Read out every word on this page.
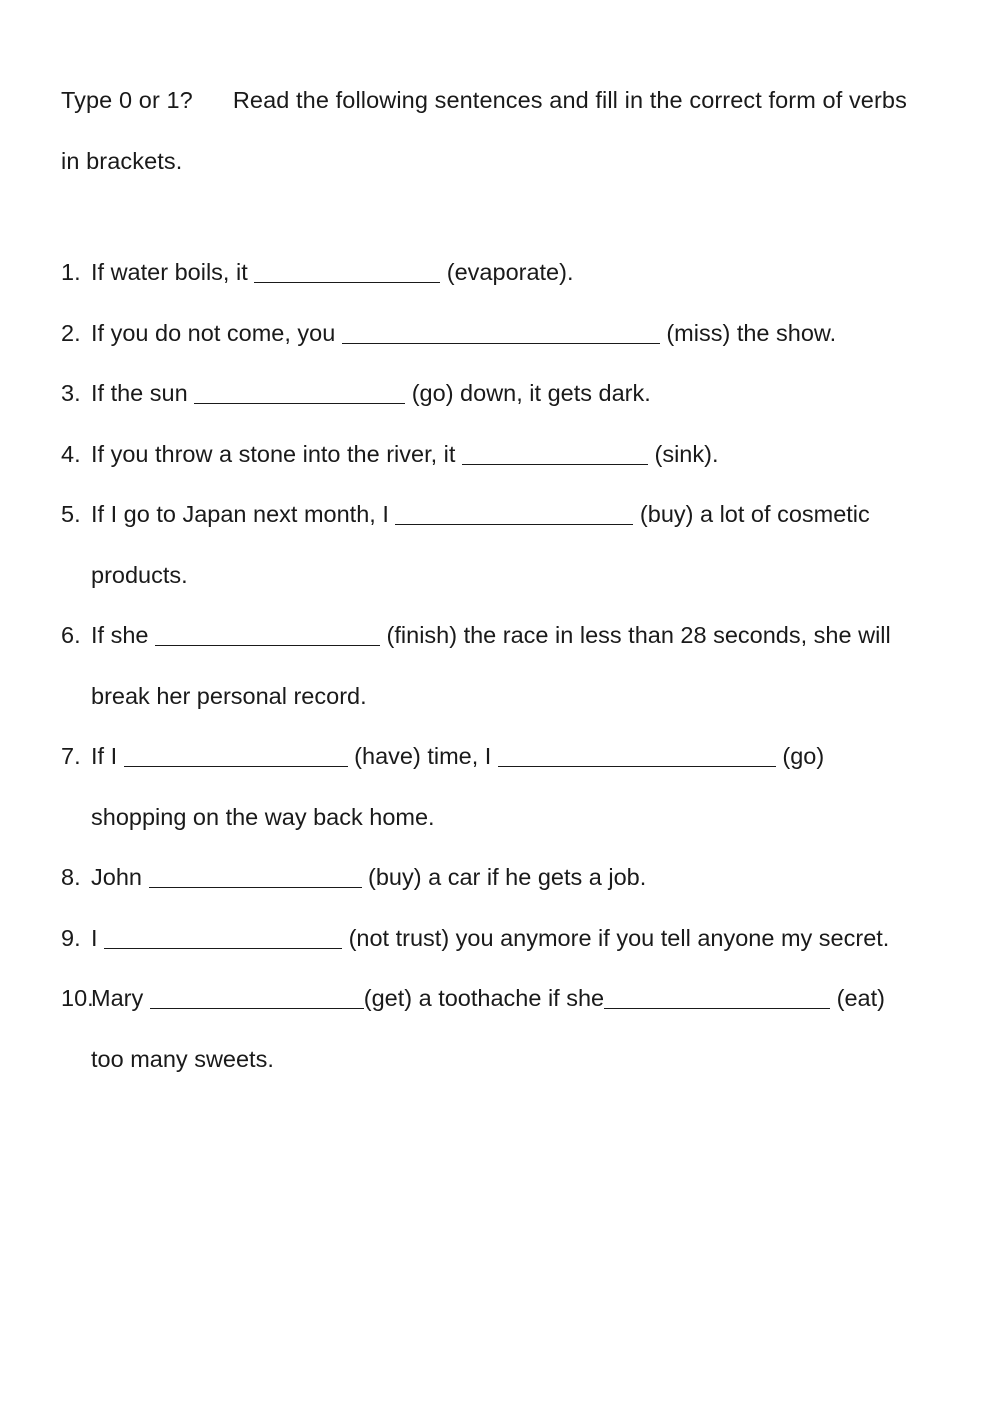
Type 0 or 1? Read the following sentences and fill in the correct form of verbs
in brackets.
1. If water boils, it	(evaporate).
2. If you do not come, you	(miss) the show.
3. If the sun	(go) down, it gets dark.
4. If you throw a stone into the river, it	(sink).
5. If I go to Japan next month, I	(buy) a lot of cosmetic
products.
6. If she	(finish) the race in less than 28 seconds, she will
break her personal record.
7. If I	(have) time, I	(go)
shopping on the way back home.
8. John	(buy) a car if he gets a job.
9. I	(not trust) you anymore if you tell anyone my secret.
10.
Mary	(get) a toothache if she	(eat)
too many sweets.
